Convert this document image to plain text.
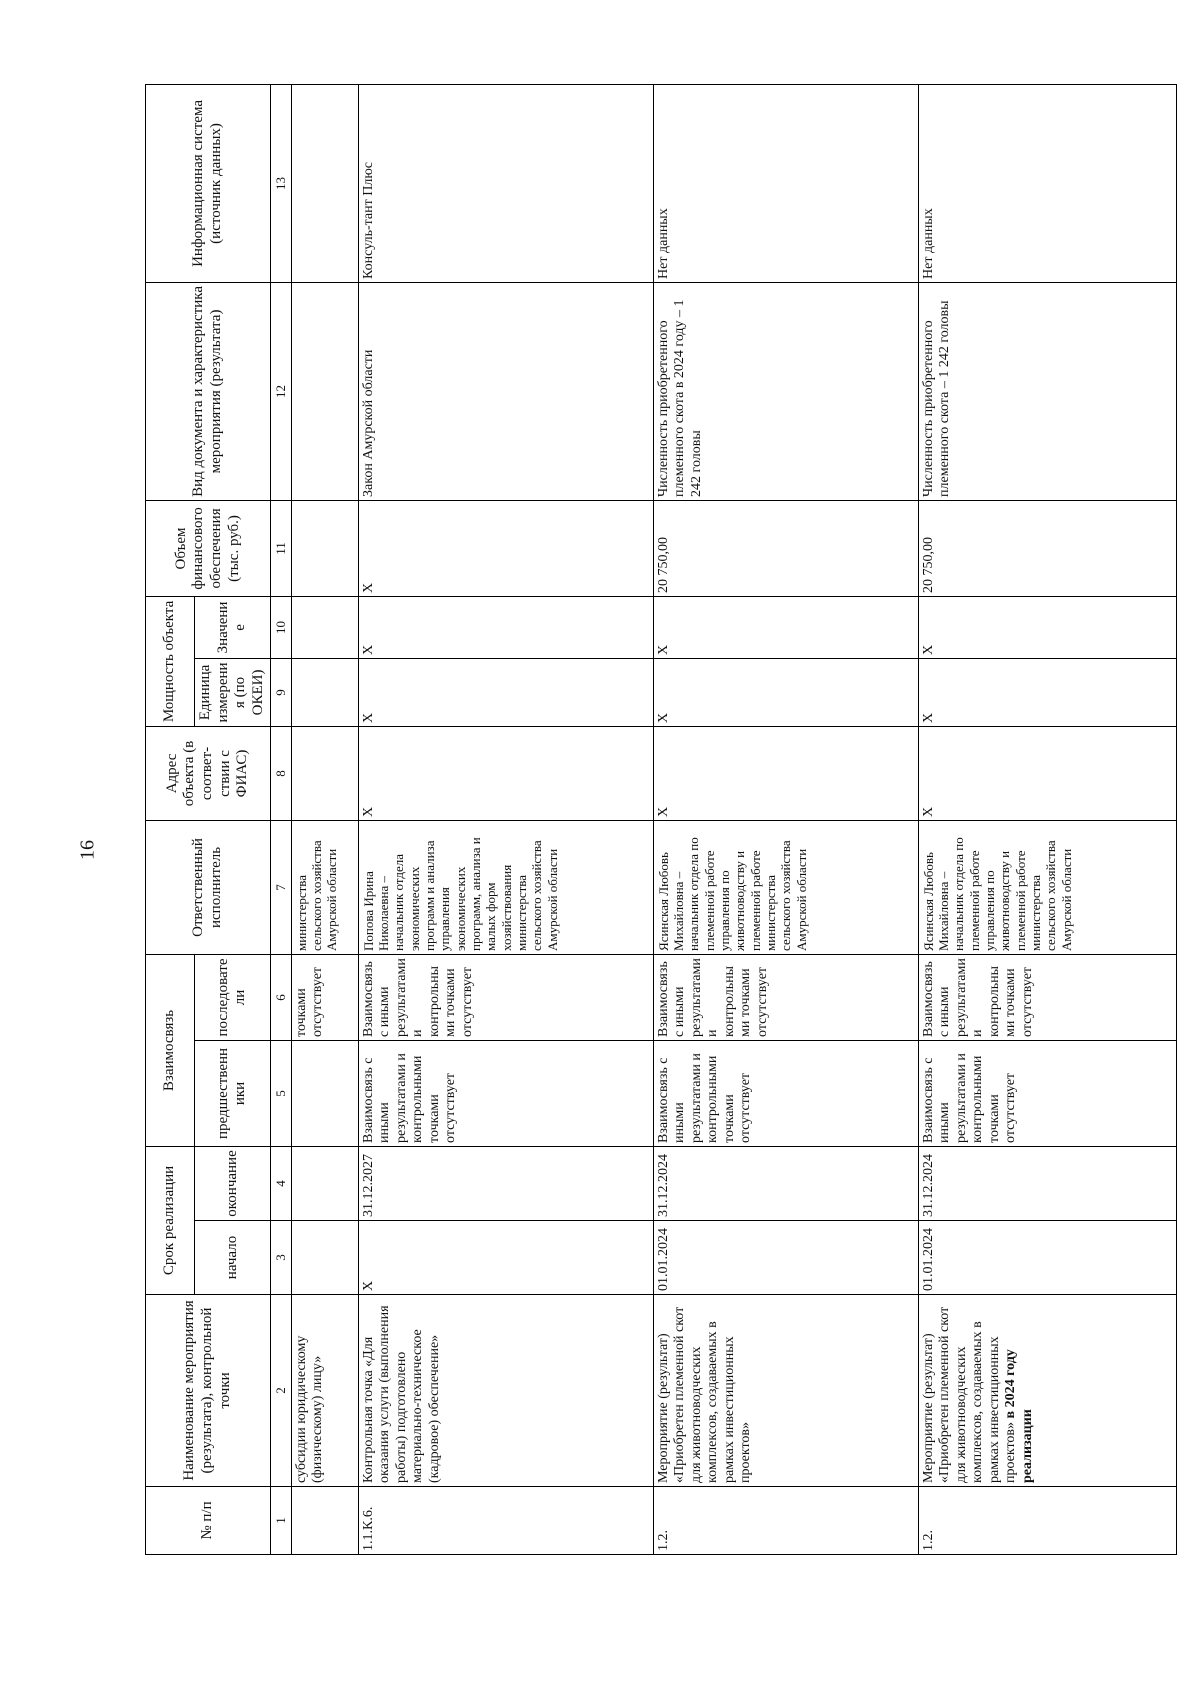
16
№ п/п	Наименование мероприятия (результата), контрольной точки	Срок реализации		Взаимосвязь		Ответственный исполнитель	Адрес объекта (в соответ-ствии с ФИАС)	Мощность объекта		Объем финансового обеспечения (тыс. руб.)	Вид документа и характеристика мероприятия (результата)	Информационная система (источник данных)
		начало	окончание	предшественники	последователи			Единица измерения (по ОКЕИ)	Значение			
1	2	3	4	5	6	7	8	9	10	11	12	13
	субсидии юридическому (физическому) лицу»				точками отсутствует	министерства сельского хозяйства Амурской области						
1.1.К.6.	Контрольная точка «Для оказания услуги (выполнения работы) подготовлено материально-техническое (кадровое) обеспечение»	X	31.12.2027	Взаимосвязь с иными результатами и контрольными точками отсутствует	Взаимосвязь с иными результатами и контрольными точками отсутствует	Попова Ирина Николаевна – начальник отдела экономических программ и анализа управления экономических программ, анализа и малых форм хозяйствования министерства сельского хозяйства Амурской области	X	X	X	X	Закон Амурской области	Консуль-тант Плюс
1.2.	Мероприятие (результат) «Приобретен племенной скот для животноводческих комплексов, создаваемых в рамках инвестиционных проектов»	01.01.2024	31.12.2024	Взаимосвязь с иными результатами и контрольными точками отсутствует	Взаимосвязь с иными результатами и контрольными точками отсутствует	Ясинская Любовь Михайловна – начальник отдела по племенной работе управления по животноводству и племенной работе министерства сельского хозяйства Амурской области	X	X	X	20 750,00	Численность приобретенного племенного скота в 2024 году – 1 242 головы	Нет данных
1.2.	Мероприятие (результат) «Приобретен племенной скот для животноводческих комплексов, создаваемых в рамках инвестиционных проектов» в 2024 году реализации	01.01.2024	31.12.2024	Взаимосвязь с иными результатами и контрольными точками отсутствует	Взаимосвязь с иными результатами и контрольными точками отсутствует	Ясинская Любовь Михайловна – начальник отдела по племенной работе управления по животноводству и племенной работе министерства сельского хозяйства Амурской области	X	X	X	20 750,00	Численность приобретенного племенного скота – 1 242 головы	Нет данных
